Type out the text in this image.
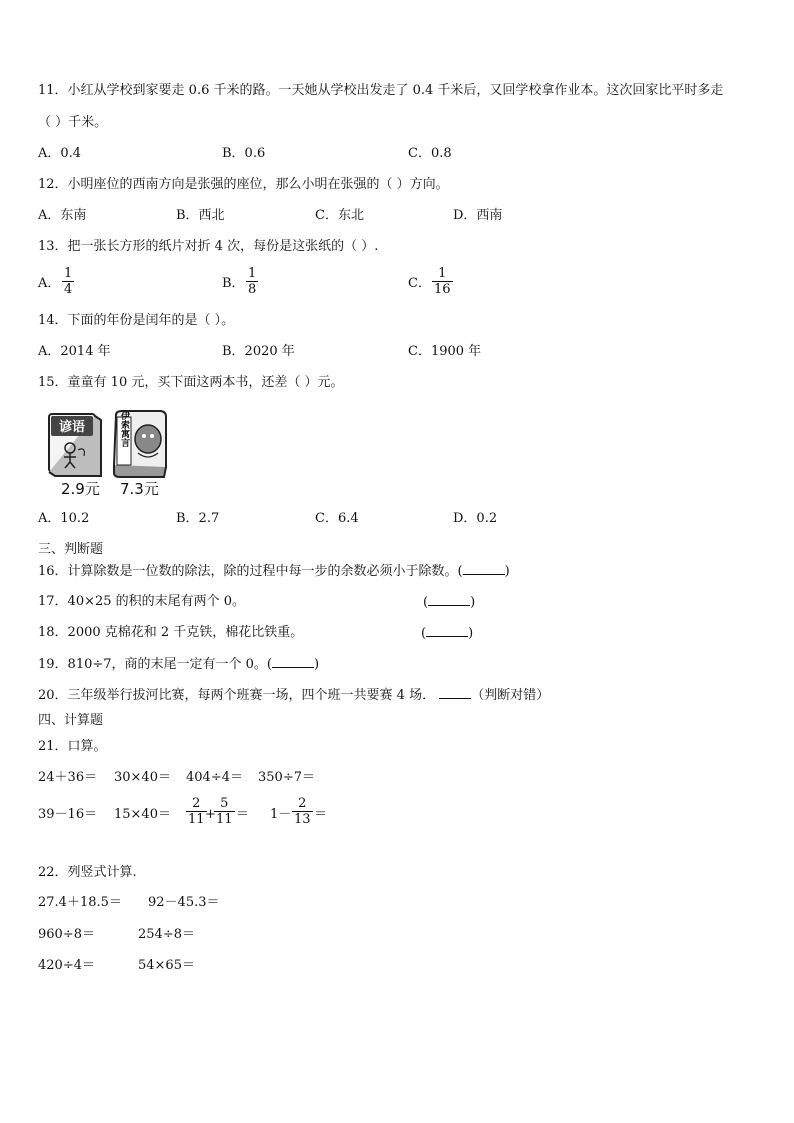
11．小红从学校到家要走 0.6 千米的路。一天她从学校出发走了 0.4 千米后，又回学校拿作业本。这次回家比平时多走
（ ）千米。
A．0.4	B．0.6	C．0.8
12．小明座位的西南方向是张强的座位，那么小明在张强的（ ）方向。
A．东南	B．西北	C．东北	D．西南
13．把一张长方形的纸片对折 4 次，每份是这张纸的（ ）.
A． $\frac{1}{4}$	B． $\frac{1}{8}$	C． $\frac{1}{16}$
14．下面的年份是闰年的是（ ）。
A．2014 年	B．2020 年	C．1900 年
15．童童有 10 元，买下面这两本书，还差（ ）元。
谚语	伊索寓言
2.9元 7.3元
A．10.2	B．2.7	C．6.4	D．0.2
三、判断题
16．计算除数是一位数的除法，除的过程中每一步的余数必须小于除数。(	)
17．40×25 的积的末尾有两个 0。	(	)
18．2000 克棉花和 2 千克铁，棉花比铁重。	(	)
19．810÷7，商的末尾一定有一个 0。(	)
20．三年级举行拔河比赛，每两个班赛一场，四个班一共要赛 4 场．	（判断对错）
四、计算题
21．口算。
24＋36＝ 30×40＝ 404÷4＝ 350÷7＝
$39-16= 15\times 40= \frac{2}{11}$
+
$\frac{5}{11} = 1- \frac{2}{13}$ ＝
22．列竖式计算.
27.4＋18.5＝ 92－45.3＝
960÷8＝	254÷8＝
420÷4＝	54×65＝
